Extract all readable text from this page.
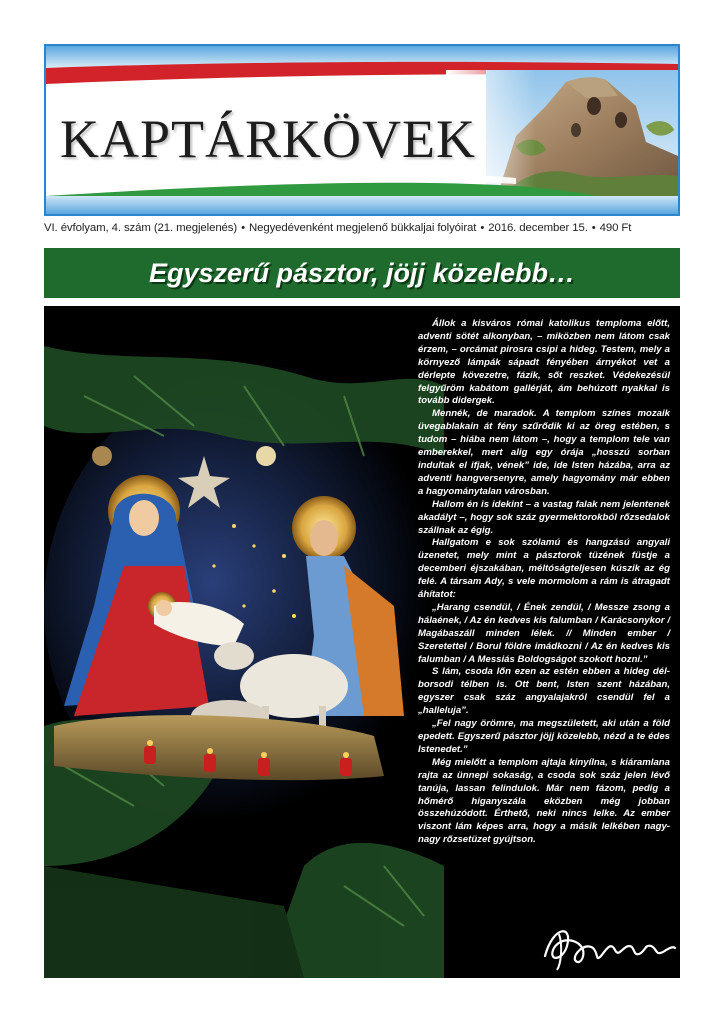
KAPTÁRKÖVEK
VI. évfolyam, 4. szám (21. megjelenés) • Negyedévenként megjelenő bükkaljai folyóirat • 2016. december 15. • 490 Ft
Egyszerű pásztor, jöjj közelebb…

Állok a kisváros római katolikus temploma előtt, adventi sötét alkonyban, – miközben nem látom csak érzem, – orcámat pirosra csípi a hideg. Testem, mely a környező lámpák sápadt fényében árnyékot vet a dérlepte kövezetre, fázik, sőt reszket. Védekezésül felgyűröm kabátom gallérját, ám behúzott nyakkal is tovább didergek.

Mennék, de maradok. A templom színes mozaik üvegablakain át fény szűrődik ki az öreg estében, s tudom – hiába nem látom –, hogy a templom tele van emberekkel, mert alig egy órája „hosszú sorban indultak el ifjak, vének” ide, ide Isten házába, arra az adventi hangversenyre, amely hagyomány már ebben a hagyománytalan városban.

Hallom én is idekint – a vastag falak nem jelentenek akadályt –, hogy sok száz gyermektorokból rőzsedalok szállnak az égig.

Hallgatom e sok szólamú és hangzású angyali üzenetet, mely mint a pásztorok tüzének füstje a decemberi éjszakában, méltóságteljesen kúszik az ég felé. A társam Ady, s vele mormolom a rám is átragadt áhítatot:

„Harang csendül, / Ének zendül, / Messze zsong a hálaének, / Az én kedves kis falumban / Karácsonykor / Magábaszáll minden lélek. // Minden ember / Szeretettel / Borul földre imádkozni / Az én kedves kis falumban / A Messiás Boldogságot szokott hozni.”

S lám, csoda lőn ezen az estén ebben a hideg dél-borsodi télben is. Ott bent, Isten szent házában, egyszer csak száz angyalajakról csendül fel a „halleluja”.

„Fel nagy örömre, ma megszületett, aki után a föld epedett. Egyszerű pásztor jöjj közelebb, nézd a te édes Istenedet.”

Még mielőtt a templom ajtaja kinyílna, s kiáramlana rajta az ünnepi sokaság, a csoda sok száz jelen lévő tanúja, lassan felindulok. Már nem fázom, pedig a hőmérő higanyszála eközben még jobban összehúzódott. Érthető, neki nincs lelke. Az ember viszont lám képes arra, hogy a másik lelkében nagy-nagy rőzsetüzet gyújtson.
